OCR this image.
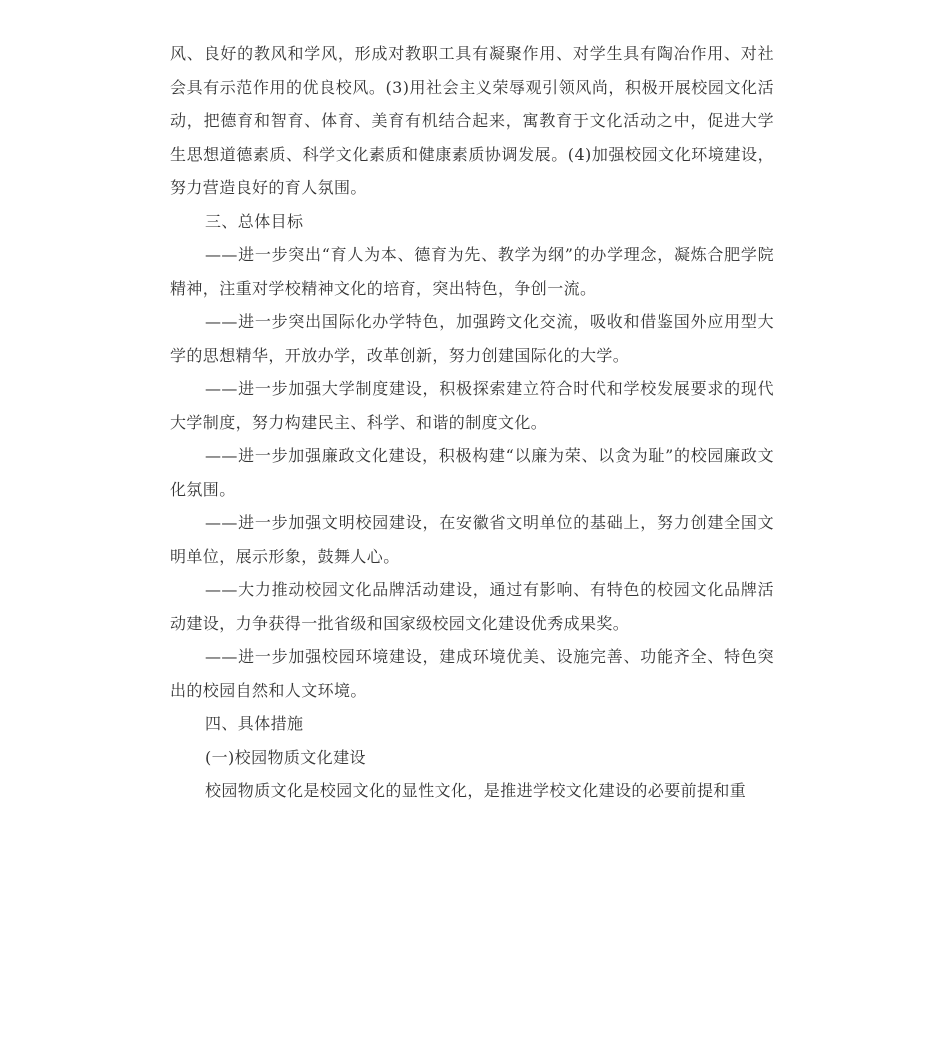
风、良好的教风和学风，形成对教职工具有凝聚作用、对学生具有陶冶作用、对社会具有示范作用的优良校风。(3)用社会主义荣辱观引领风尚，积极开展校园文化活动，把德育和智育、体育、美育有机结合起来，寓教育于文化活动之中，促进大学生思想道德素质、科学文化素质和健康素质协调发展。(4)加强校园文化环境建设，努力营造良好的育人氛围。

三、总体目标

——进一步突出“育人为本、德育为先、教学为纲”的办学理念，凝炼合肥学院精神，注重对学校精神文化的培育，突出特色，争创一流。

——进一步突出国际化办学特色，加强跨文化交流，吸收和借鉴国外应用型大学的思想精华，开放办学，改革创新，努力创建国际化的大学。

——进一步加强大学制度建设，积极探索建立符合时代和学校发展要求的现代大学制度，努力构建民主、科学、和谐的制度文化。

——进一步加强廉政文化建设，积极构建“以廉为荣、以贪为耻”的校园廉政文化氛围。

——进一步加强文明校园建设，在安徽省文明单位的基础上，努力创建全国文明单位，展示形象，鼓舞人心。

——大力推动校园文化品牌活动建设，通过有影响、有特色的校园文化品牌活动建设，力争获得一批省级和国家级校园文化建设优秀成果奖。

——进一步加强校园环境建设，建成环境优美、设施完善、功能齐全、特色突出的校园自然和人文环境。

四、具体措施

(一)校园物质文化建设

校园物质文化是校园文化的显性文化，是推进学校文化建设的必要前提和重
